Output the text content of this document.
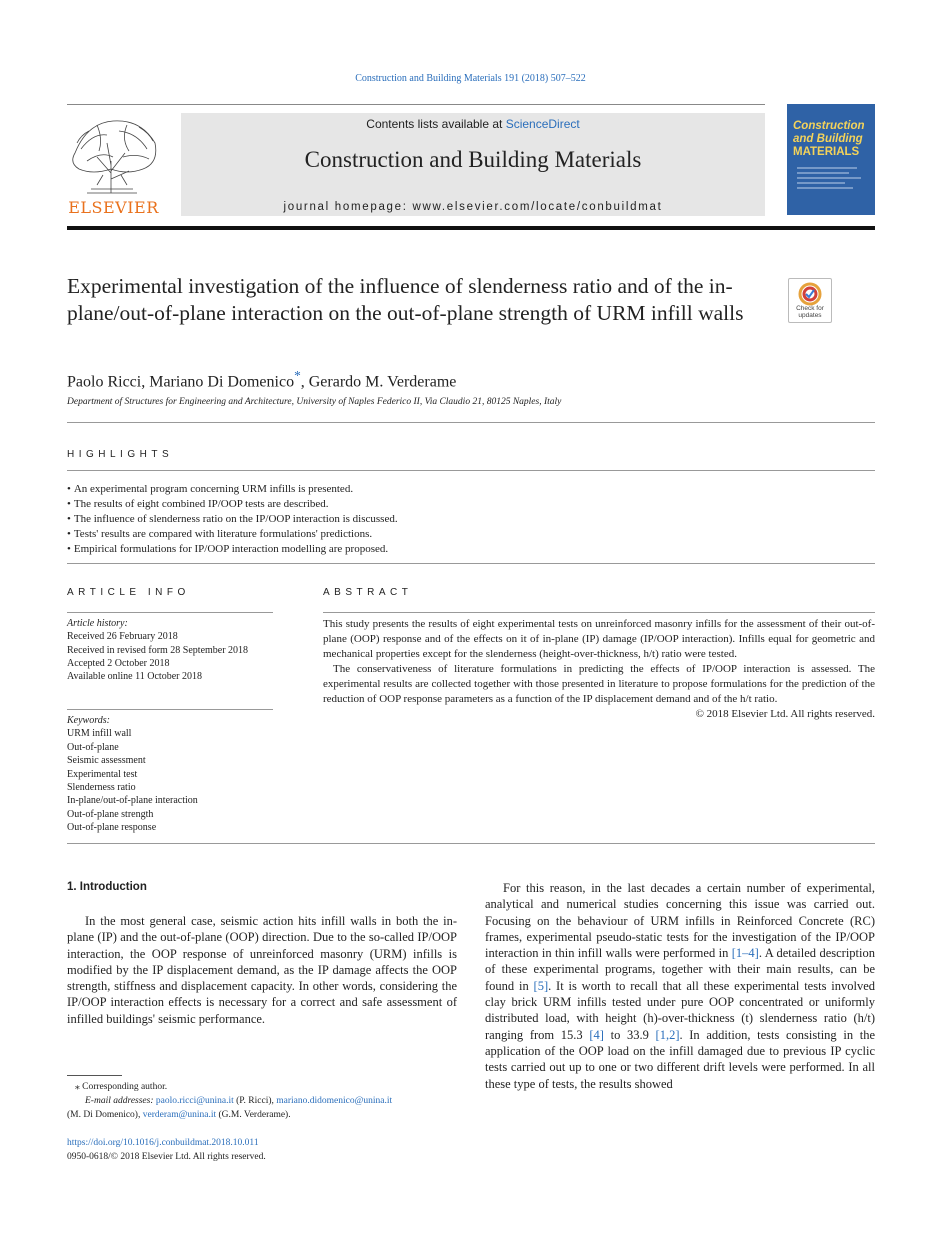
Construction and Building Materials 191 (2018) 507–522
ELSEVIER
Contents lists available at ScienceDirect
Construction and Building Materials
journal homepage: www.elsevier.com/locate/conbuildmat
Construction
and Building
MATERIALS
Experimental investigation of the influence of slenderness ratio and of the in-plane/out-of-plane interaction on the out-of-plane strength of URM infill walls	Check for updates
Paolo Ricci, Mariano Di Domenico*, Gerardo M. Verderame
Department of Structures for Engineering and Architecture, University of Naples Federico II, Via Claudio 21, 80125 Naples, Italy
HIGHLIGHTS
• An experimental program concerning URM infills is presented.
• The results of eight combined IP/OOP tests are described.
• The influence of slenderness ratio on the IP/OOP interaction is discussed.
• Tests' results are compared with literature formulations' predictions.
• Empirical formulations for IP/OOP interaction modelling are proposed.
ARTICLE INFO
Article history:
Received 26 February 2018
Received in revised form 28 September 2018
Accepted 2 October 2018
Available online 11 October 2018
Keywords:
URM infill wall
Out-of-plane
Seismic assessment
Experimental test
Slenderness ratio
In-plane/out-of-plane interaction
Out-of-plane strength
Out-of-plane response
ABSTRACT

This study presents the results of eight experimental tests on unreinforced masonry infills for the assessment of their out-of-plane (OOP) response and of the effects on it of in-plane (IP) damage (IP/OOP interaction). Infills equal for geometric and mechanical properties except for the slenderness (height-over-thickness, h/t) ratio were tested.

The conservativeness of literature formulations in predicting the effects of IP/OOP interaction is assessed. The experimental results are collected together with those presented in literature to propose formulations for the prediction of the reduction of OOP response parameters as a function of the IP displacement demand and of the h/t ratio.

© 2018 Elsevier Ltd. All rights reserved.

1. Introduction
In the most general case, seismic action hits infill walls in both the in-plane (IP) and the out-of-plane (OOP) direction. Due to the so-called IP/OOP interaction, the OOP response of unreinforced masonry (URM) infills is modified by the IP displacement demand, as the IP damage affects the OOP strength, stiffness and displacement capacity. In other words, considering the IP/OOP interaction effects is necessary for a correct and safe assessment of infilled buildings' seismic performance.
For this reason, in the last decades a certain number of experimental, analytical and numerical studies concerning this issue was carried out. Focusing on the behaviour of URM infills in Reinforced Concrete (RC) frames, experimental pseudo-static tests for the investigation of the IP/OOP interaction in thin infill walls were performed in [1–4]. A detailed description of these experimental programs, together with their main results, can be found in [5]. It is worth to recall that all these experimental tests involved clay brick URM infills tested under pure OOP concentrated or uniformly distributed load, with height (h)-over-thickness (t) slenderness ratio (h/t) ranging from 15.3 [4] to 33.9 [1,2]. In addition, tests consisting in the application of the OOP load on the infill damaged due to previous IP cyclic tests carried out up to one or two different drift levels were performed. In all these type of tests, the results showed
⁎ Corresponding author.
E-mail addresses: paolo.ricci@unina.it (P. Ricci), mariano.didomenico@unina.it
(M. Di Domenico), verderam@unina.it (G.M. Verderame).
https://doi.org/10.1016/j.conbuildmat.2018.10.011
0950-0618/© 2018 Elsevier Ltd. All rights reserved.
